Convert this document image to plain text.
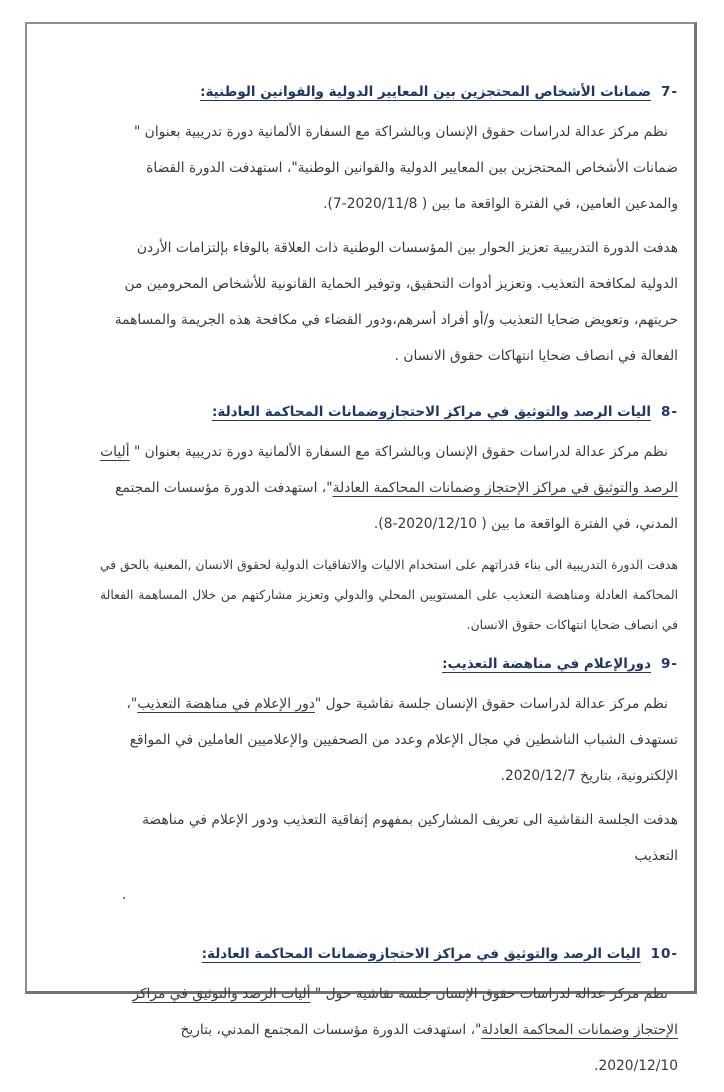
7-
ضمانات الأشخاص المحتجزين بين المعايير الدولية والقوانين الوطنية
:

نظم مركز عدالة لدراسات حقوق الإنسان وبالشراكة مع السفارة الألمانية دورة تدريبية بعنوان " ضمانات الأشخاص المحتجزين بين المعايير الدولية والقوانين الوطنية"، استهدفت الدورة القضاة والمدعين العامين، في الفترة الواقعة ما بين ( 2020/11/8-7).

هدفت الدورة التدريبية تعزيز الحوار بين المؤسسات الوطنية ذات العلاقة بالوفاء بإلتزامات الأردن الدولية لمكافحة التعذيب. وتعزيز أدوات التحقيق، وتوفير الحماية القانونية للأشخاص المحرومين من حريتهم، وتعويض ضحايا التعذيب و/أو أفراد أسرهم،ودور القضاء في مكافحة هذه الجريمة والمساهمة الفعالة في انصاف ضحايا انتهاكات حقوق الانسان .

8-
اليات الرصد والتوثيق في مراكز الاحتجازوضمانات المحاكمة العادلة
:

نظم مركز عدالة لدراسات حقوق الإنسان وبالشراكة مع السفارة الألمانية دورة تدريبية بعنوان " أليات الرصد والتوثيق في مراكز الإحتجاز وضمانات المحاكمة العادلة"، استهدفت الدورة مؤسسات المجتمع المدني، في الفترة الواقعة ما بين ( 2020/12/10-8).

هدفت الدورة التدريبية الى بناء قدراتهم على استخدام الاليات والاتفاقيات الدولية لحقوق الانسان ,المعنية بالحق في المحاكمة العادلة ومناهضة التعذيب على المستويين المحلي والدولي وتعزيز مشاركتهم من خلال المساهمة الفعالة في انصاف ضحايا انتهاكات حقوق الانسان.

9-
دورالإعلام في مناهضة التعذيب
:

نظم مركز عدالة لدراسات حقوق الإنسان جلسة نقاشية حول "دور الإعلام في مناهضة التعذيب"، تستهدف الشباب الناشطين في مجال الإعلام وعدد من الصحفيين والإعلاميين العاملين في المواقع الإلكترونية، بتاريخ 2020/12/7.

هدفت الجلسة النقاشية الى تعريف المشاركين بمفهوم إتفاقية التعذيب ودور الإعلام في مناهضة التعذيب

.

10-
اليات الرصد والتوثيق في مراكز الاحتجازوضمانات المحاكمة العادلة
:

نظم مركز عدالة لدراسات حقوق الإنسان جلسة نقاشية حول " أليات الرصد والتوثيق في مراكز الإحتجاز وضمانات المحاكمة العادلة"، استهدفت الدورة مؤسسات المجتمع المدني، بتاريخ 2020/12/10.
